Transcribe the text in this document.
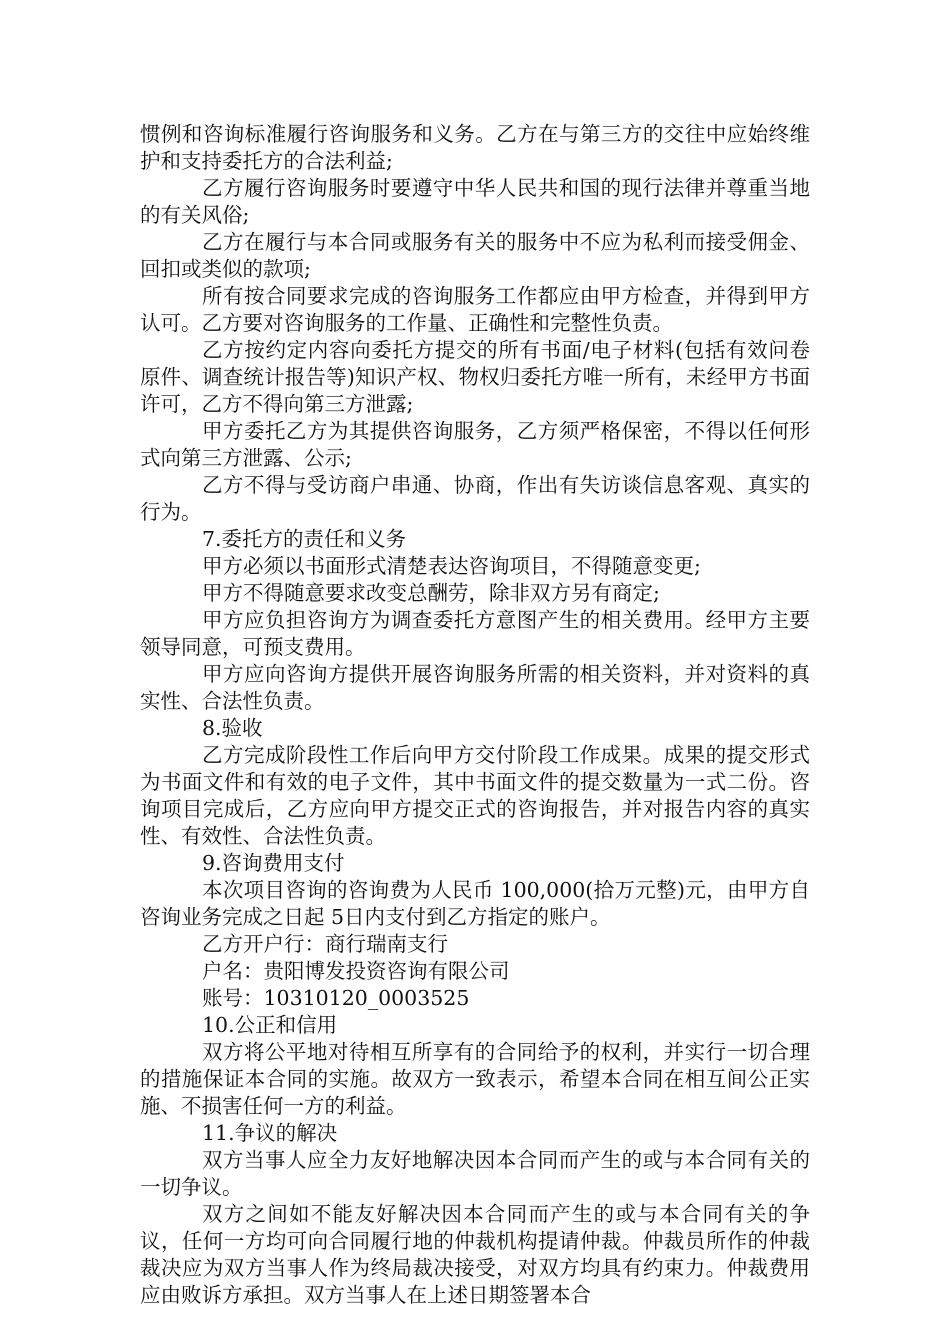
惯例和咨询标准履行咨询服务和义务。乙方在与第三方的交往中应始终维护和支持委托方的合法利益;

乙方履行咨询服务时要遵守中华人民共和国的现行法律并尊重当地的有关风俗;

乙方在履行与本合同或服务有关的服务中不应为私利而接受佣金、回扣或类似的款项;

所有按合同要求完成的咨询服务工作都应由甲方检查，并得到甲方认可。乙方要对咨询服务的工作量、正确性和完整性负责。

乙方按约定内容向委托方提交的所有书面/电子材料(包括有效问卷原件、调查统计报告等)知识产权、物权归委托方唯一所有，未经甲方书面许可，乙方不得向第三方泄露;

甲方委托乙方为其提供咨询服务，乙方须严格保密，不得以任何形式向第三方泄露、公示;

乙方不得与受访商户串通、协商，作出有失访谈信息客观、真实的行为。

7.委托方的责任和义务

甲方必须以书面形式清楚表达咨询项目，不得随意变更;

甲方不得随意要求改变总酬劳，除非双方另有商定;

甲方应负担咨询方为调查委托方意图产生的相关费用。经甲方主要领导同意，可预支费用。

甲方应向咨询方提供开展咨询服务所需的相关资料，并对资料的真实性、合法性负责。

8.验收

乙方完成阶段性工作后向甲方交付阶段工作成果。成果的提交形式为书面文件和有效的电子文件，其中书面文件的提交数量为一式二份。咨询项目完成后，乙方应向甲方提交正式的咨询报告，并对报告内容的真实性、有效性、合法性负责。

9.咨询费用支付

本次项目咨询的咨询费为人民币 100,000(拾万元整)元，由甲方自咨询业务完成之日起 5日内支付到乙方指定的账户。

乙方开户行：商行瑞南支行

户名：贵阳博发投资咨询有限公司

账号：10310120_0003525

10.公正和信用

双方将公平地对待相互所享有的合同给予的权利，并实行一切合理的措施保证本合同的实施。故双方一致表示，希望本合同在相互间公正实施、不损害任何一方的利益。

11.争议的解决

双方当事人应全力友好地解决因本合同而产生的或与本合同有关的一切争议。

双方之间如不能友好解决因本合同而产生的或与本合同有关的争议，任何一方均可向合同履行地的仲裁机构提请仲裁。仲裁员所作的仲裁裁决应为双方当事人作为终局裁决接受，对双方均具有约束力。仲裁费用应由败诉方承担。双方当事人在上述日期签署本合
